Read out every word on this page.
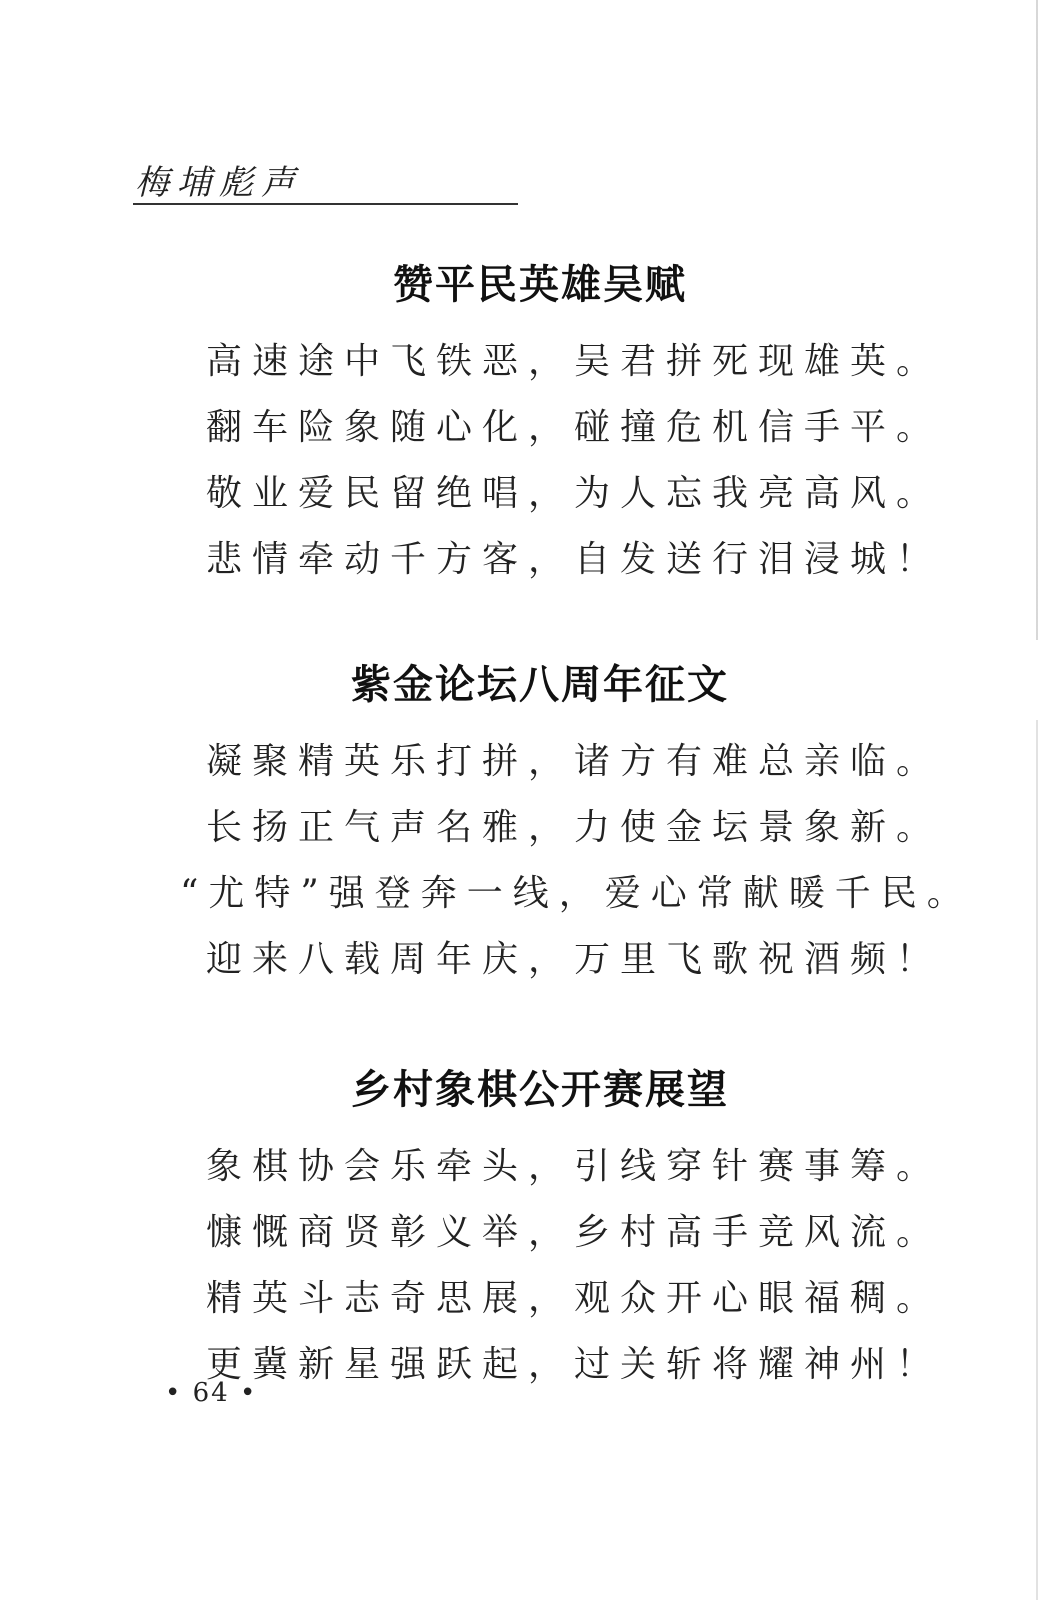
梅埔彪声
赞平民英雄吴赋
高速途中飞铁恶，吴君拼死现雄英。
翻车险象随心化，碰撞危机信手平。
敬业爱民留绝唱，为人忘我亮高风。
悲情牵动千方客，自发送行泪浸城！
紫金论坛八周年征文
凝聚精英乐打拼，诸方有难总亲临。
长扬正气声名雅，力使金坛景象新。
“尤特”强登奔一线，爱心常献暖千民。
迎来八载周年庆，万里飞歌祝酒频！
乡村象棋公开赛展望
象棋协会乐牵头，引线穿针赛事筹。
慷慨商贤彰义举，乡村高手竞风流。
精英斗志奇思展，观众开心眼福稠。
更冀新星强跃起，过关斩将耀神州！
• 64 •
